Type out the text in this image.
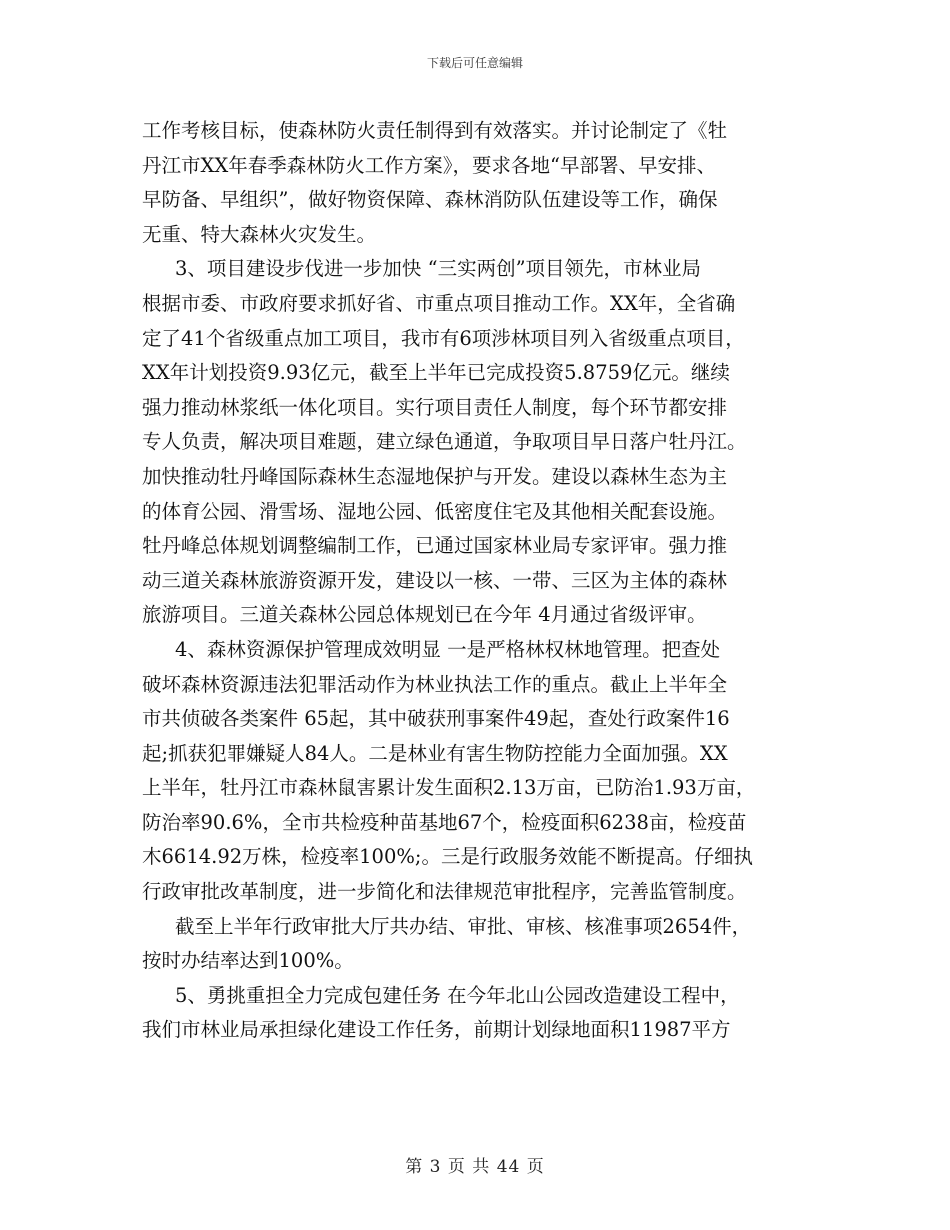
下载后可任意编辑
工作考核目标，使森林防火责任制得到有效落实。并讨论制定了《牡
丹江市XX年春季森林防火工作方案》，要求各地“早部署、早安排、
早防备、早组织”，做好物资保障、森林消防队伍建设等工作，确保
无重、特大森林火灾发生。
3、项目建设步伐进一步加快 “三实两创”项目领先，市林业局
根据市委、市政府要求抓好省、市重点项目推动工作。XX年，全省确
定了41个省级重点加工项目，我市有6项涉林项目列入省级重点项目，
XX年计划投资9.93亿元，截至上半年已完成投资5.8759亿元。继续
强力推动林浆纸一体化项目。实行项目责任人制度，每个环节都安排
专人负责，解决项目难题，建立绿色通道，争取项目早日落户牡丹江。
加快推动牡丹峰国际森林生态湿地保护与开发。建设以森林生态为主
的体育公园、滑雪场、湿地公园、低密度住宅及其他相关配套设施。
牡丹峰总体规划调整编制工作，已通过国家林业局专家评审。强力推
动三道关森林旅游资源开发，建设以一核、一带、三区为主体的森林
旅游项目。三道关森林公园总体规划已在今年 4月通过省级评审。
4、森林资源保护管理成效明显 一是严格林权林地管理。把查处
破坏森林资源违法犯罪活动作为林业执法工作的重点。截止上半年全
市共侦破各类案件 65起，其中破获刑事案件49起，查处行政案件16
起;抓获犯罪嫌疑人84人。二是林业有害生物防控能力全面加强。XX
上半年，牡丹江市森林鼠害累计发生面积2.13万亩，已防治1.93万亩，
防治率90.6%，全市共检疫种苗基地67个，检疫面积6238亩，检疫苗
木6614.92万株，检疫率100%;。三是行政服务效能不断提高。仔细执
行政审批改革制度，进一步简化和法律规范审批程序，完善监管制度。
截至上半年行政审批大厅共办结、审批、审核、核准事项2654件，
按时办结率达到100%。
5、勇挑重担全力完成包建任务 在今年北山公园改造建设工程中，
我们市林业局承担绿化建设工作任务，前期计划绿地面积11987平方
第 3 页 共 44 页
